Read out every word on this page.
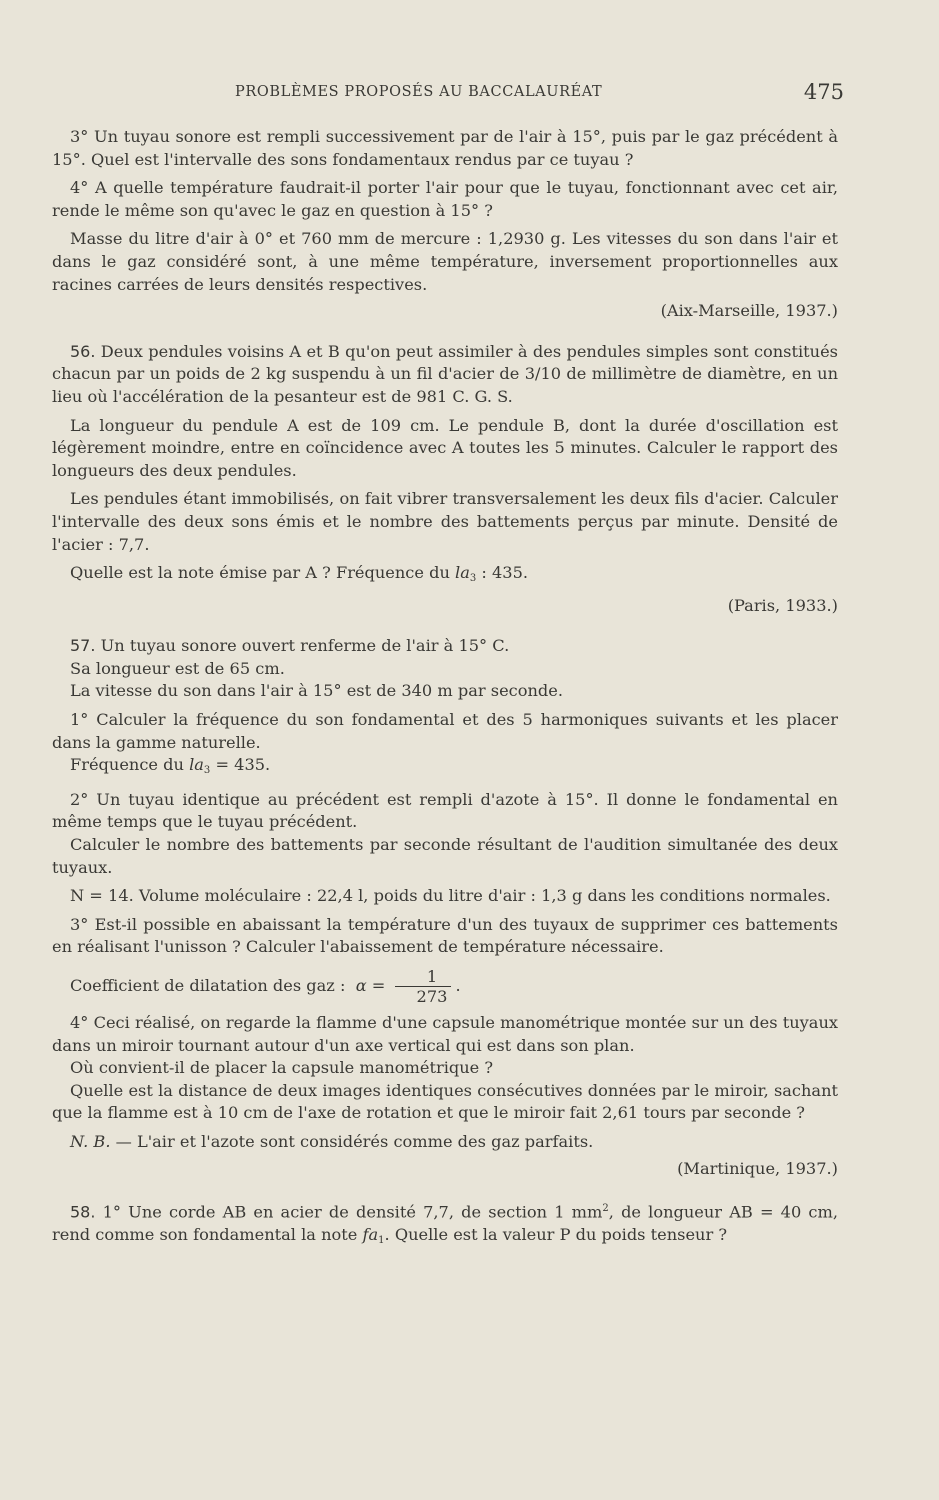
PROBLÈMES PROPOSÉS AU BACCALAURÉAT	475

3° Un tuyau sonore est rempli successivement par de l'air à 15°, puis par le gaz précédent à 15°. Quel est l'intervalle des sons fondamentaux rendus par ce tuyau ?

4° A quelle température faudrait-il porter l'air pour que le tuyau, fonctionnant avec cet air, rende le même son qu'avec le gaz en question à 15° ?

Masse du litre d'air à 0° et 760 mm de mercure : 1,2930 g. Les vitesses du son dans l'air et dans le gaz considéré sont, à une même température, inversement proportionnelles aux racines carrées de leurs densités respectives.

(Aix-Marseille, 1937.)

56. Deux pendules voisins A et B qu'on peut assimiler à des pendules simples sont constitués chacun par un poids de 2 kg suspendu à un fil d'acier de 3/10 de millimètre de diamètre, en un lieu où l'accélération de la pesanteur est de 981 C. G. S.

La longueur du pendule A est de 109 cm. Le pendule B, dont la durée d'oscillation est légèrement moindre, entre en coïncidence avec A toutes les 5 minutes. Calculer le rapport des longueurs des deux pendules.

Les pendules étant immobilisés, on fait vibrer transversalement les deux fils d'acier. Calculer l'intervalle des deux sons émis et le nombre des battements perçus par minute. Densité de l'acier : 7,7.

Quelle est la note émise par A ? Fréquence du $la_3$ : 435.

(Paris, 1933.)

57. Un tuyau sonore ouvert renferme de l'air à 15° C.

Sa longueur est de 65 cm.

La vitesse du son dans l'air à 15° est de 340 m par seconde.

1° Calculer la fréquence du son fondamental et des 5 harmoniques suivants et les placer dans la gamme naturelle.

Fréquence du $la_3 = 435$.

2° Un tuyau identique au précédent est rempli d'azote à 15°. Il donne le fondamental en même temps que le tuyau précédent.

Calculer le nombre des battements par seconde résultant de l'audition simultanée des deux tuyaux.

N = 14. Volume moléculaire : 22,4 l, poids du litre d'air : 1,3 g dans les conditions normales.

3° Est-il possible en abaissant la température d'un des tuyaux de supprimer ces battements en réalisant l'unisson ? Calculer l'abaissement de température nécessaire.

Coefficient de dilatation des gaz : $\alpha = \frac{1}{273}$ .

4° Ceci réalisé, on regarde la flamme d'une capsule manométrique montée sur un des tuyaux dans un miroir tournant autour d'un axe vertical qui est dans son plan.

Où convient-il de placer la capsule manométrique ?

Quelle est la distance de deux images identiques consécutives données par le miroir, sachant que la flamme est à 10 cm de l'axe de rotation et que le miroir fait 2,61 tours par seconde ?

N. B. — L'air et l'azote sont considérés comme des gaz parfaits.

(Martinique, 1937.)

58. 1° Une corde AB en acier de densité 7,7, de section 1 $mm^2$, de longueur AB = 40 cm, rend comme son fondamental la note $fa_1$. Quelle est la valeur P du poids tenseur ?
